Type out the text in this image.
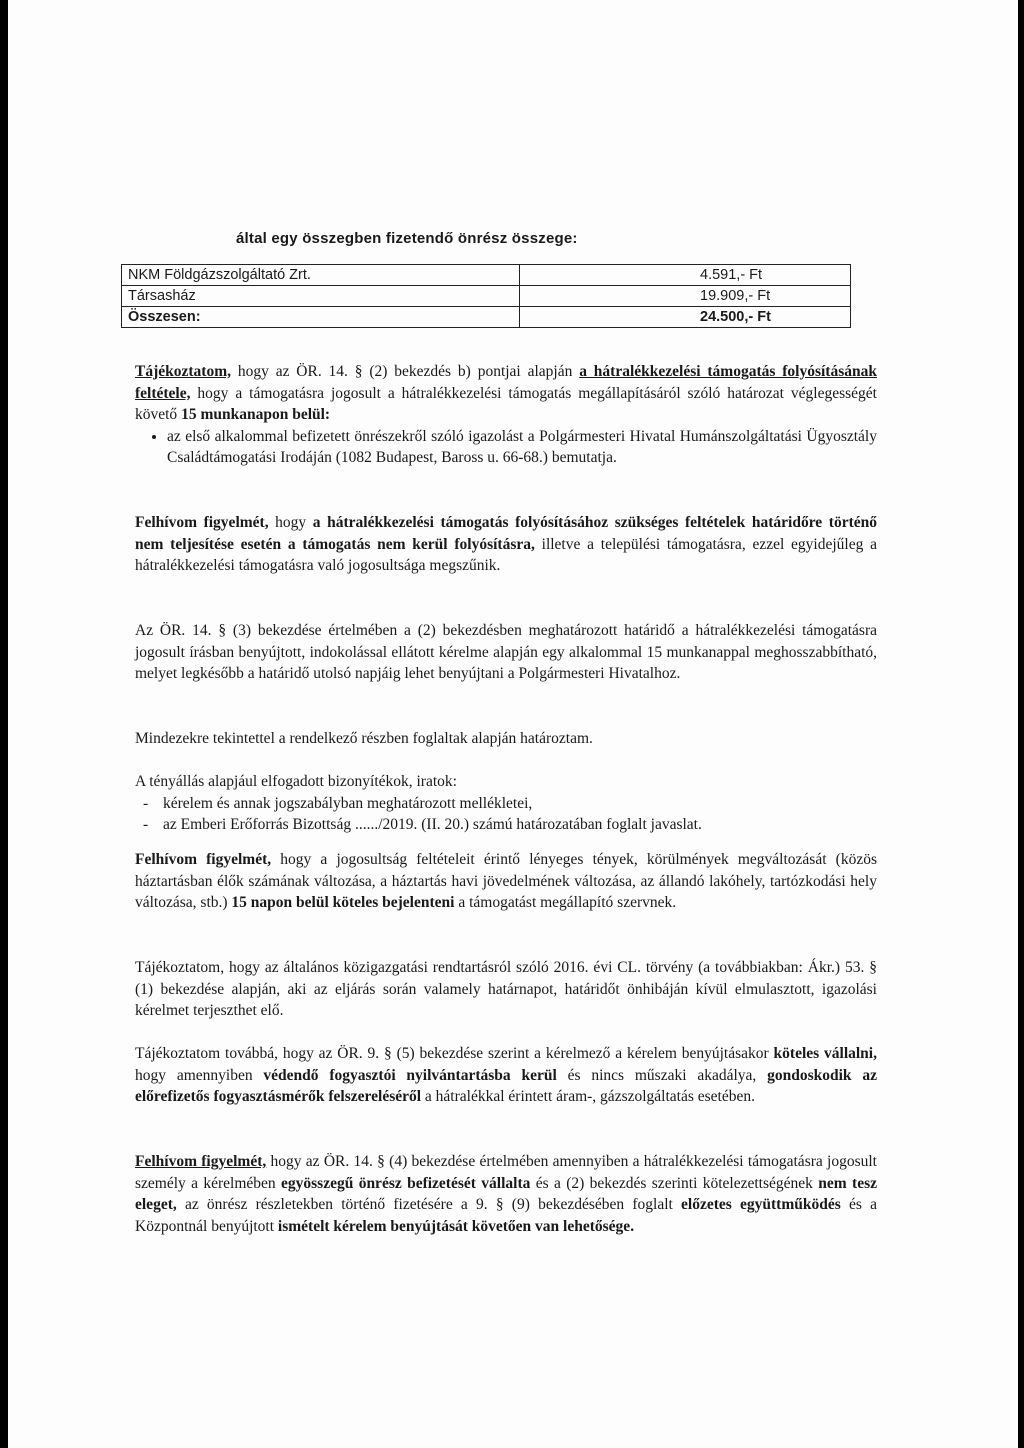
által egy összegben fizetendő önrész összege:
NKM Földgázszolgáltató Zrt.	4.591,- Ft
Társasház	19.909,- Ft
Összesen:	24.500,- Ft
Tájékoztatom, hogy az ÖR. 14. § (2) bekezdés b) pontjai alapján a hátralékkezelési támogatás folyósításának feltétele, hogy a támogatásra jogosult a hátralékkezelési támogatás megállapításáról szóló határozat véglegességét követő 15 munkanapon belül:
• az első alkalommal befizetett önrészekről szóló igazolást a Polgármesteri Hivatal Humánszolgáltatási Ügyosztály Családtámogatási Irodáján (1082 Budapest, Baross u. 66-68.) bemutatja.
Felhívom figyelmét, hogy a hátralékkezelési támogatás folyósításához szükséges feltételek határidőre történő nem teljesítése esetén a támogatás nem kerül folyósításra, illetve a települési támogatásra, ezzel egyidejűleg a hátralékkezelési támogatásra való jogosultsága megszűnik.
Az ÖR. 14. § (3) bekezdése értelmében a (2) bekezdésben meghatározott határidő a hátralékkezelési támogatásra jogosult írásban benyújtott, indokolással ellátott kérelme alapján egy alkalommal 15 munkanappal meghosszabbítható, melyet legkésőbb a határidő utolsó napjáig lehet benyújtani a Polgármesteri Hivatalhoz.
Mindezekre tekintettel a rendelkező részben foglaltak alapján határoztam.
A tényállás alapjául elfogadott bizonyítékok, iratok:
- kérelem és annak jogszabályban meghatározott mellékletei,
- az Emberi Erőforrás Bizottság ....../2019. (II. 20.) számú határozatában foglalt javaslat.
Felhívom figyelmét, hogy a jogosultság feltételeit érintő lényeges tények, körülmények megváltozását (közös háztartásban élők számának változása, a háztartás havi jövedelmének változása, az állandó lakóhely, tartózkodási hely változása, stb.) 15 napon belül köteles bejelenteni a támogatást megállapító szervnek.
Tájékoztatom, hogy az általános közigazgatási rendtartásról szóló 2016. évi CL. törvény (a továbbiakban: Ákr.) 53. § (1) bekezdése alapján, aki az eljárás során valamely határnapot, határidőt önhibáján kívül elmulasztott, igazolási kérelmet terjeszthet elő.
Tájékoztatom továbbá, hogy az ÖR. 9. § (5) bekezdése szerint a kérelmező a kérelem benyújtásakor köteles vállalni, hogy amennyiben védendő fogyasztói nyilvántartásba kerül és nincs műszaki akadálya, gondoskodik az előrefizetős fogyasztásmérők felszereléséről a hátralékkal érintett áram-, gázszolgáltatás esetében.
Felhívom figyelmét, hogy az ÖR. 14. § (4) bekezdése értelmében amennyiben a hátralékkezelési támogatásra jogosult személy a kérelmében egyösszegű önrész befizetését vállalta és a (2) bekezdés szerinti kötelezettségének nem tesz eleget, az önrész részletekben történő fizetésére a 9. § (9) bekezdésében foglalt előzetes együttműködés és a Központnál benyújtott ismételt kérelem benyújtását követően van lehetősége.
